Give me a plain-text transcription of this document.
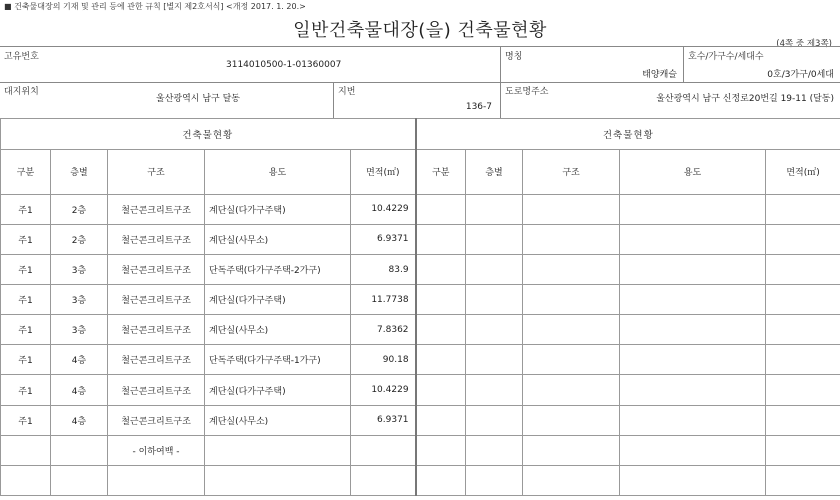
■ 건축물대장의 기재 및 관리 등에 관한 규칙 [별지 제2호서식] <개정 2017. 1. 20.>
일반건축물대장(을) 건축물현황
(4쪽 중 제3쪽)
고유번호
3114010500-1-01360007
명칭
태양캐슬
호수/가구수/세대수
0호/3가구/0세대
대지위치
울산광역시 남구 달동
지번
136-7
도로명주소
울산광역시 남구 신정로20번길 19-11 (달동)
건축물현황					건축물현황				
구분	층별	구조	용도	면적(㎡)	구분	층별	구조	용도	면적(㎡)
주1	2층	철근콘크리트구조	계단실(다가구주택)	10.4229					
주1	2층	철근콘크리트구조	계단실(사무소)	6.9371					
주1	3층	철근콘크리트구조	단독주택(다가구주택-2가구)	83.9					
주1	3층	철근콘크리트구조	계단실(다가구주택)	11.7738					
주1	3층	철근콘크리트구조	계단실(사무소)	7.8362					
주1	4층	철근콘크리트구조	단독주택(다가구주택-1가구)	90.18					
주1	4층	철근콘크리트구조	계단실(다가구주택)	10.4229					
주1	4층	철근콘크리트구조	계단실(사무소)	6.9371					
		- 이하여백 -							
